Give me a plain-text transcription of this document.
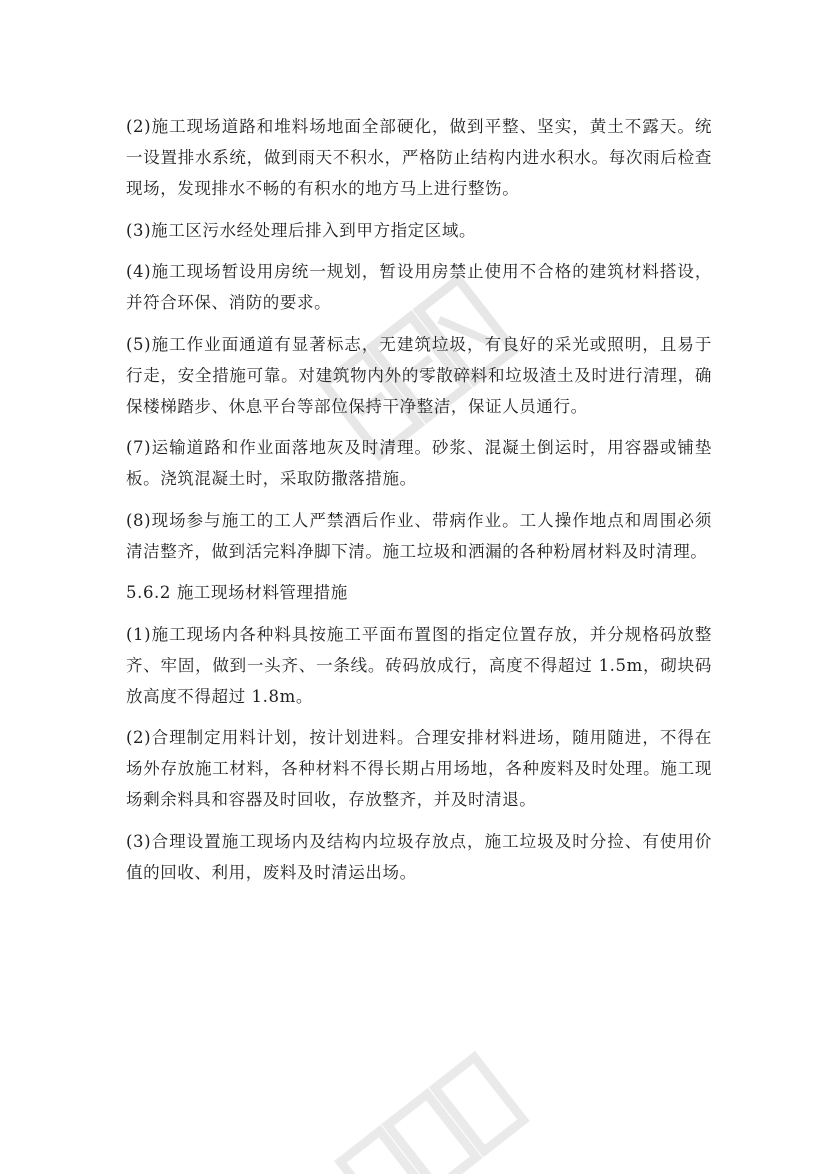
(2)施工现场道路和堆料场地面全部硬化，做到平整、坚实，黄土不露天。统一设置排水系统，做到雨天不积水，严格防止结构内进水积水。每次雨后检查现场，发现排水不畅的有积水的地方马上进行整饬。

(3)施工区污水经处理后排入到甲方指定区域。

(4)施工现场暂设用房统一规划，暂设用房禁止使用不合格的建筑材料搭设，并符合环保、消防的要求。

(5)施工作业面通道有显著标志，无建筑垃圾，有良好的采光或照明，且易于行走，安全措施可靠。对建筑物内外的零散碎料和垃圾渣土及时进行清理，确保楼梯踏步、休息平台等部位保持干净整洁，保证人员通行。

(7)运输道路和作业面落地灰及时清理。砂浆、混凝土倒运时，用容器或铺垫板。浇筑混凝土时，采取防撒落措施。

(8)现场参与施工的工人严禁酒后作业、带病作业。工人操作地点和周围必须清洁整齐，做到活完料净脚下清。施工垃圾和洒漏的各种粉屑材料及时清理。

5.6.2 施工现场材料管理措施

(1)施工现场内各种料具按施工平面布置图的指定位置存放，并分规格码放整齐、牢固，做到一头齐、一条线。砖码放成行，高度不得超过 1.5m，砌块码放高度不得超过 1.8m。

(2)合理制定用料计划，按计划进料。合理安排材料进场，随用随进，不得在场外存放施工材料，各种材料不得长期占用场地，各种废料及时处理。施工现场剩余料具和容器及时回收，存放整齐，并及时清退。

(3)合理设置施工现场内及结构内垃圾存放点，施工垃圾及时分捡、有使用价值的回收、利用，废料及时清运出场。
